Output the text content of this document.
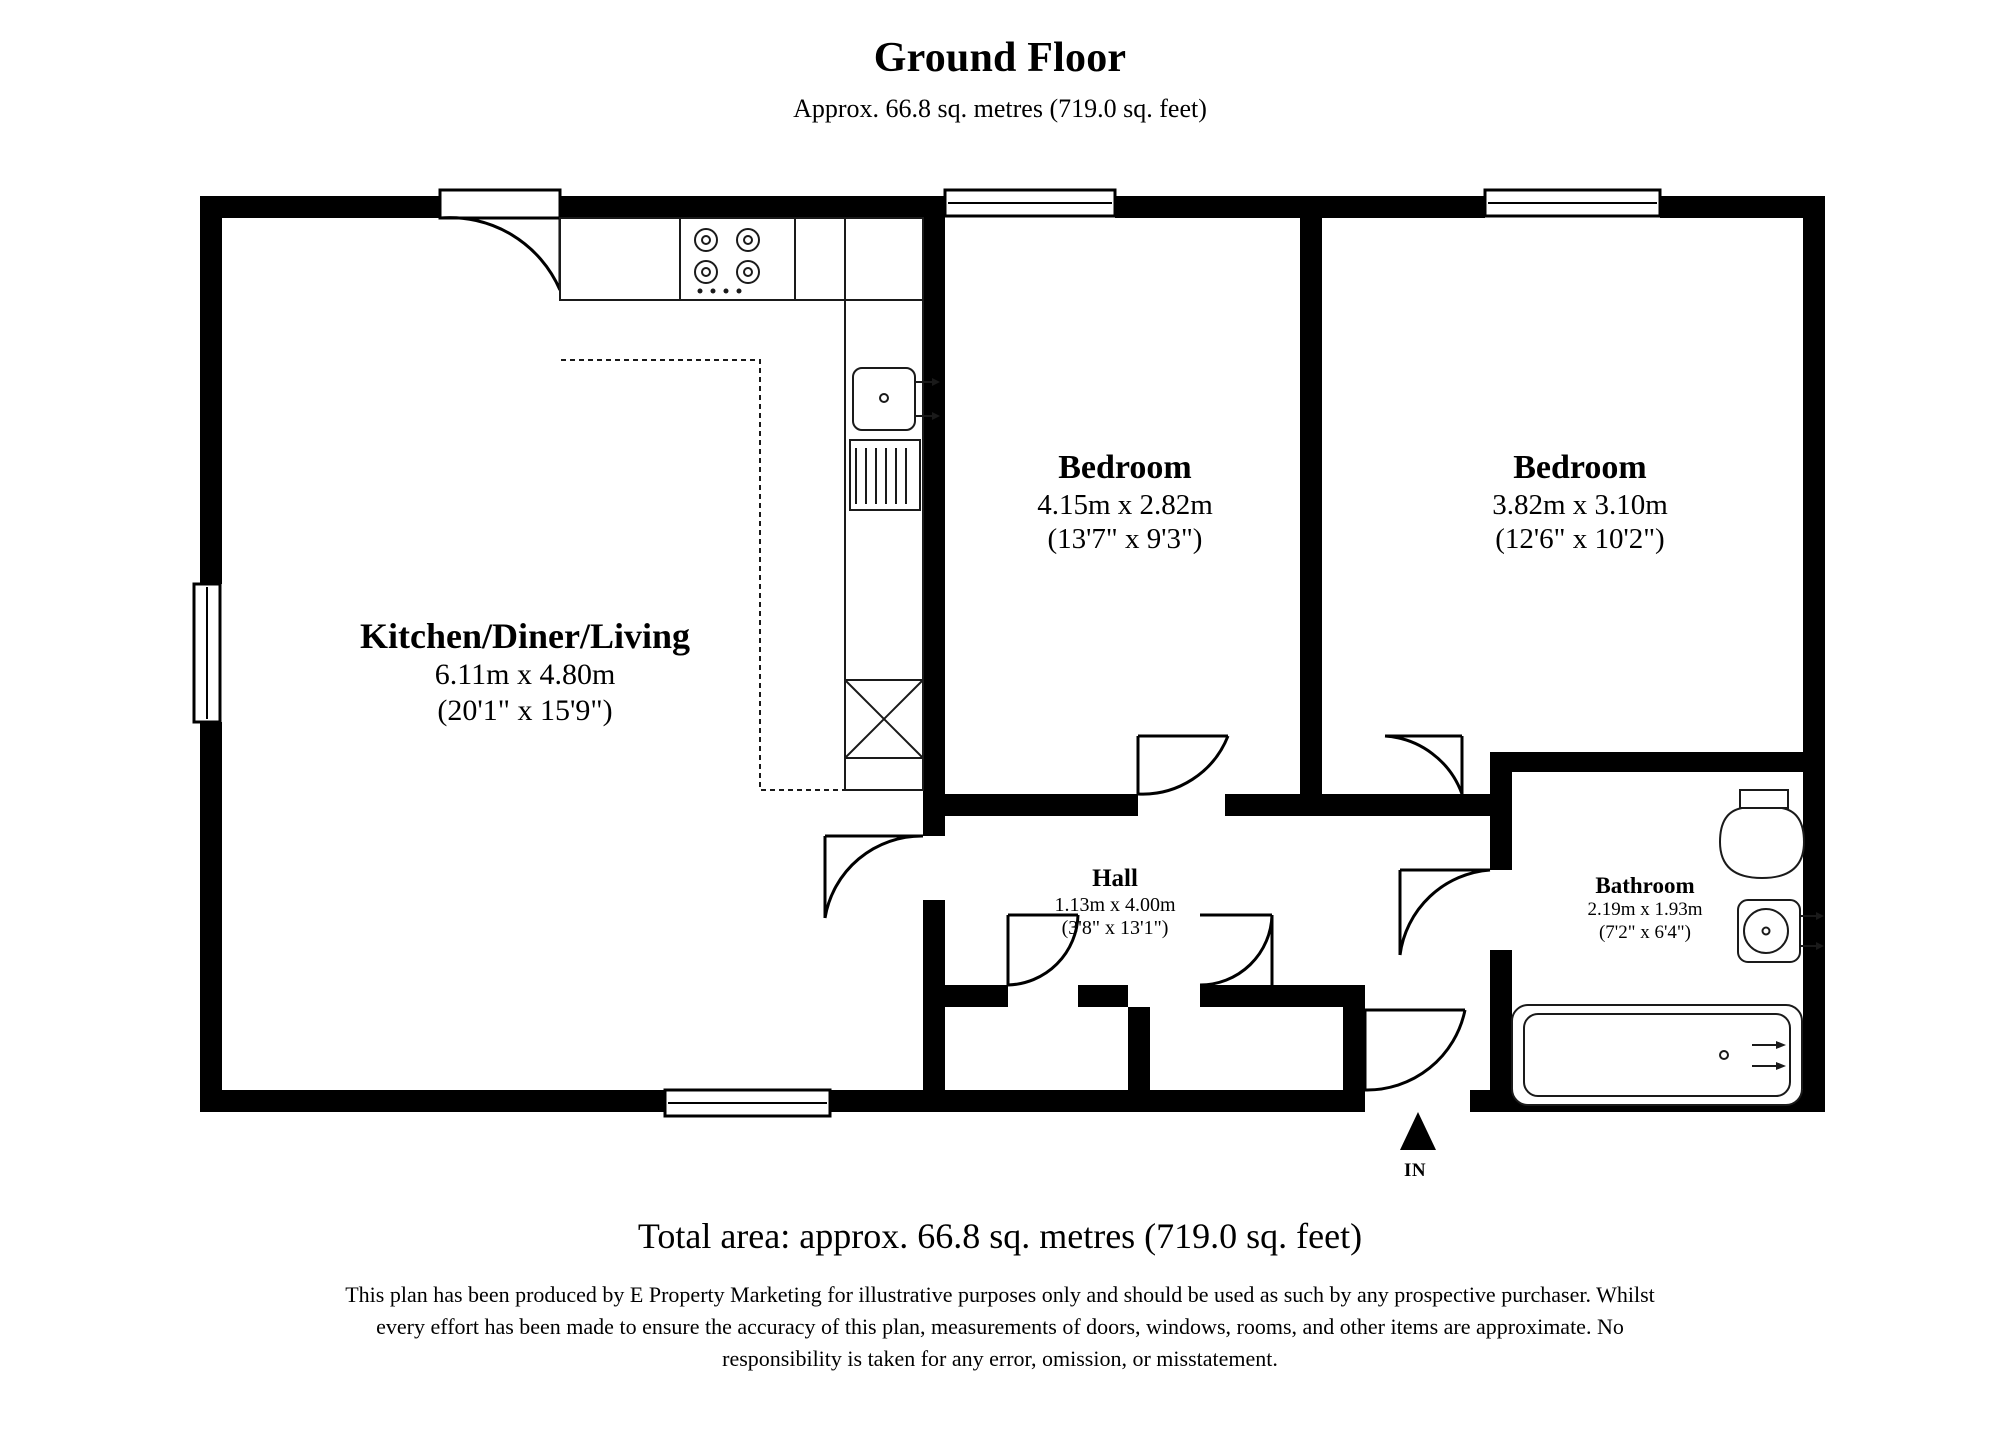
Ground Floor
Approx. 66.8 sq. metres (719.0 sq. feet)
Kitchen/Diner/Living
6.11m x 4.80m
(20'1" x 15'9")
Bedroom
4.15m x 2.82m
(13'7" x 9'3")
Bedroom
3.82m x 3.10m
(12'6" x 10'2")
Hall
1.13m x 4.00m
(3'8" x 13'1")
Bathroom
2.19m x 1.93m
(7'2" x 6'4")
IN
Total area: approx. 66.8 sq. metres (719.0 sq. feet)
This plan has been produced by E Property Marketing for illustrative purposes only and should be used as such by any prospective purchaser. Whilst every effort has been made to ensure the accuracy of this plan, measurements of doors, windows, rooms, and other items are approximate. No responsibility is taken for any error, omission, or misstatement.
